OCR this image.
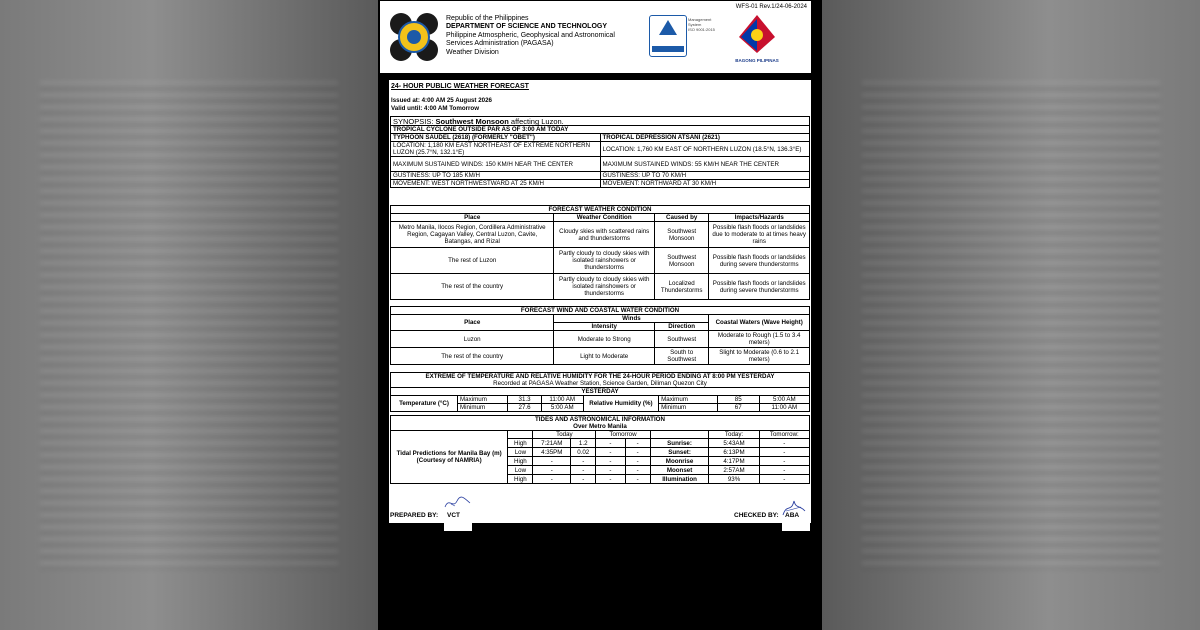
WFS-01 Rev.1/24-06-2024
Republic of the Philippines
DEPARTMENT OF SCIENCE AND TECHNOLOGY
Philippine Atmospheric, Geophysical and Astronomical
Services Administration (PAGASA)
Weather Division
Management
System
ISO 9001:2015
BAGONG PILIPINAS
24- HOUR PUBLIC WEATHER FORECAST
Issued at: 4:00 AM 25 August 2026
Valid until: 4:00 AM Tomorrow
SYNOPSIS: Southwest Monsoon affecting Luzon.	
TROPICAL CYCLONE OUTSIDE PAR AS OF 3:00 AM TODAY	
TYPHOON SAUDEL (2618) (FORMERLY "OBET")	TROPICAL DEPRESSION ATSANI (2621)
LOCATION: 1,180 KM EAST NORTHEAST OF EXTREME NORTHERN LUZON (25.7°N, 132.1°E)	LOCATION: 1,760 KM EAST OF NORTHERN LUZON (18.5°N, 136.3°E)
MAXIMUM SUSTAINED WINDS: 150 KM/H NEAR THE CENTER	MAXIMUM SUSTAINED WINDS: 55 KM/H NEAR THE CENTER
GUSTINESS: UP TO 185 KM/H	GUSTINESS: UP TO 70 KM/H
MOVEMENT: WEST NORTHWESTWARD AT 25 KM/H	MOVEMENT: NORTHWARD AT 30 KM/H
FORECAST WEATHER CONDITION			
Place	Weather Condition	Caused by	Impacts/Hazards
Metro Manila, Ilocos Region, Cordillera Administrative Region, Cagayan Valley, Central Luzon, Cavite, Batangas, and Rizal	Cloudy skies with scattered rains and thunderstorms	Southwest Monsoon	Possible flash floods or landslides due to moderate to at times heavy rains
The rest of Luzon	Partly cloudy to cloudy skies with isolated rainshowers or thunderstorms	Southwest Monsoon	Possible flash floods or landslides during severe thunderstorms
The rest of the country	Partly cloudy to cloudy skies with isolated rainshowers or thunderstorms	Localized Thunderstorms	Possible flash floods or landslides during severe thunderstorms
FORECAST WIND AND COASTAL WATER CONDITION			
Place	Winds		Coastal Waters (Wave Height)
	Intensity	Direction	
Luzon	Moderate to Strong	Southwest	Moderate to Rough (1.5 to 3.4 meters)
The rest of the country	Light to Moderate	South to Southwest	Slight to Moderate (0.6 to 2.1 meters)
EXTREME OF TEMPERATURE AND RELATIVE HUMIDITY FOR THE 24-HOUR PERIOD ENDING AT 8:00 PM YESTERDAY
Recorded at PAGASA Weather Station, Science Garden, Diliman Quezon City							

YESTERDAY							
Temperature (°C)	Maximum	31.3	11:00 AM	Relative Humidity (%)	Maximum	85	5:00 AM
	Minimum	27.6	5:00 AM		Minimum	67	11:00 AM
TIDES AND ASTRONOMICAL INFORMATION
Over Metro Manila								

Tidal Predictions for Manila Bay (m) (Courtesy of NAMRIA)		Today		Tomorrow			Today:	Tomorrow:
	High	7:21AM	1.2	-	-	Sunrise:	5:43AM	-
	Low	4:35PM	0.02	-	-	Sunset:	6:13PM	-
	High	-	-	-	-	Moonrise	4:17PM	-
	Low	-	-	-	-	Moonset	2:57AM	-
	High	-	-	-	-	Illumination	93%	-
PREPARED BY: VCT	CHECKED BY: ABA
